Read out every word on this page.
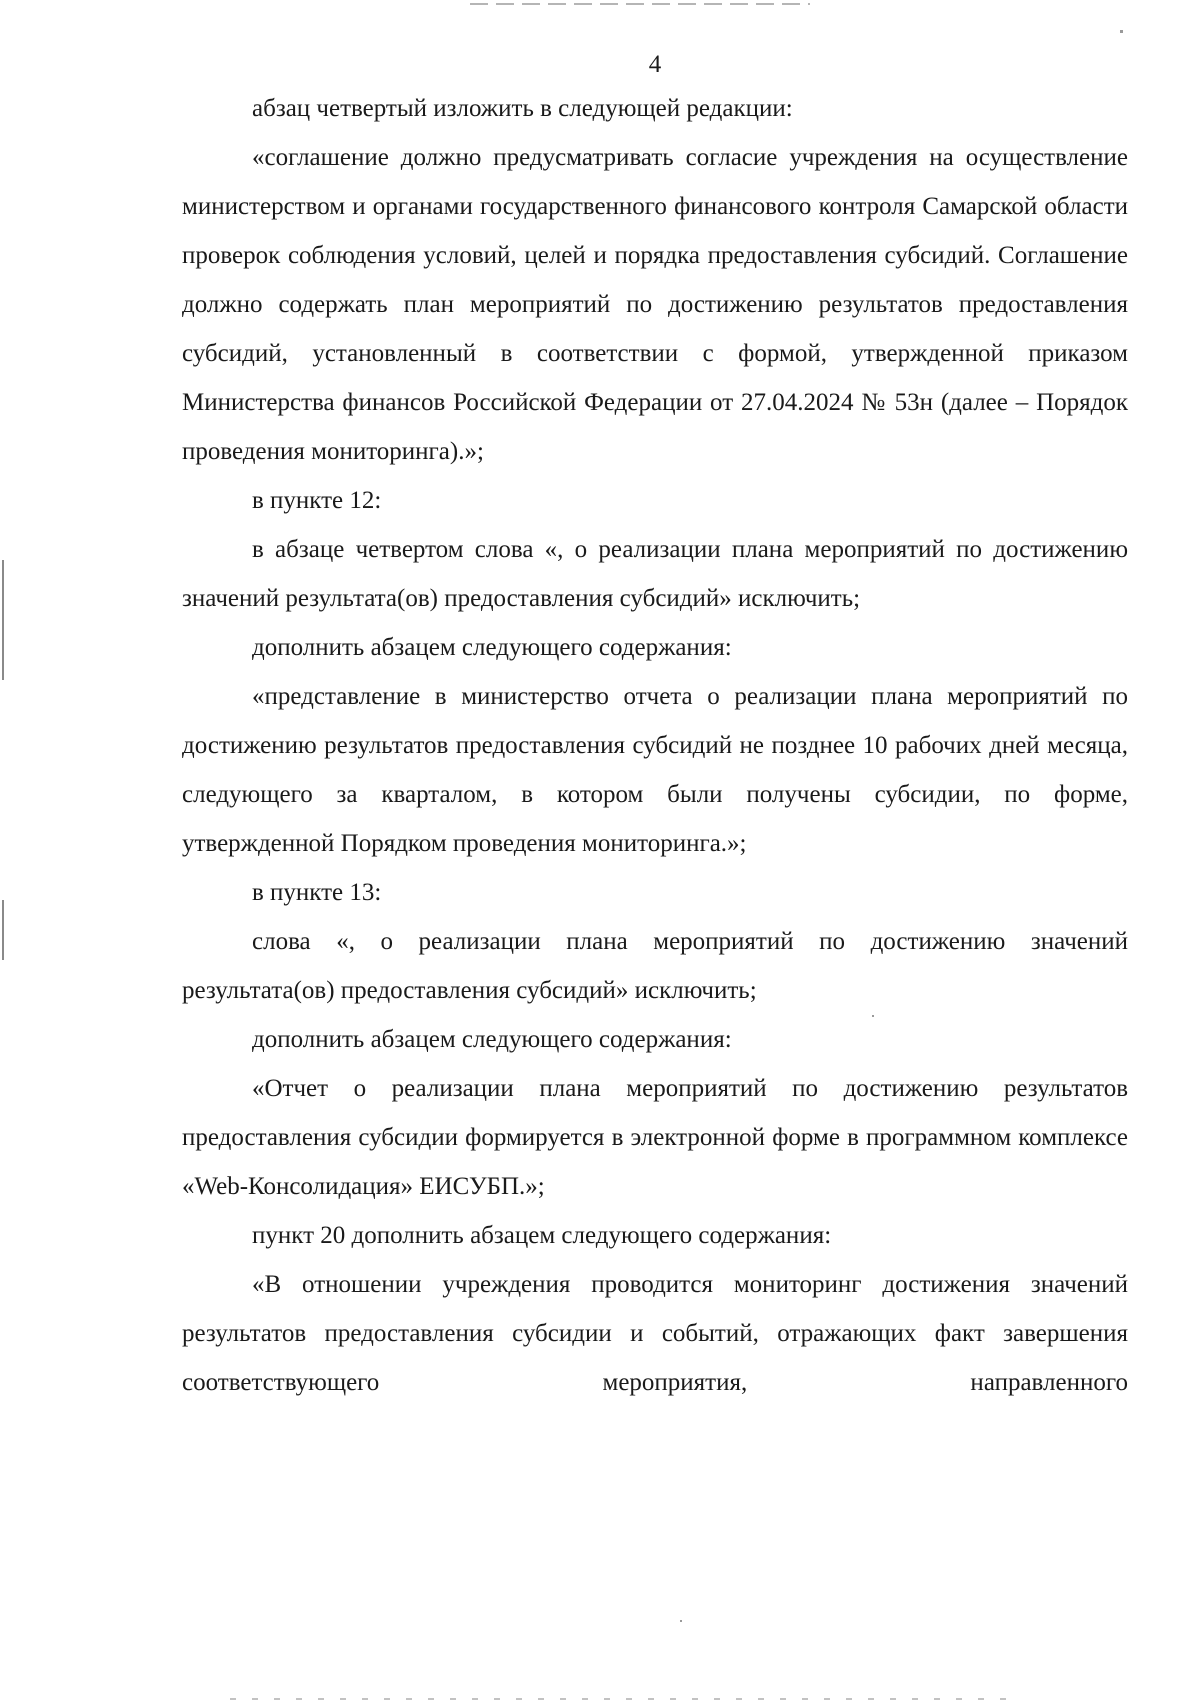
4

абзац четвертый изложить в следующей редакции:

«соглашение должно предусматривать согласие учреждения на осуществление министерством и органами государственного финансового контроля Самарской области проверок соблюдения условий, целей и порядка предоставления субсидий. Соглашение должно содержать план мероприятий по достижению результатов предоставления субсидий, установленный в соответствии с формой, утвержденной приказом Министерства финансов Российской Федерации от 27.04.2024 № 53н (далее – Порядок проведения мониторинга).»;

в пункте 12:

в абзаце четвертом слова «, о реализации плана мероприятий по достижению значений результата(ов) предоставления субсидий» исключить;

дополнить абзацем следующего содержания:

«представление в министерство отчета о реализации плана мероприятий по достижению результатов предоставления субсидий не позднее 10 рабочих дней месяца, следующего за кварталом, в котором были получены субсидии, по форме, утвержденной Порядком проведения мониторинга.»;

в пункте 13:

слова «, о реализации плана мероприятий по достижению значений результата(ов) предоставления субсидий» исключить;

дополнить абзацем следующего содержания:

«Отчет о реализации плана мероприятий по достижению результатов предоставления субсидии формируется в электронной форме в программном комплексе «Web-Консолидация» ЕИСУБП.»;

пункт 20 дополнить абзацем следующего содержания:

«В отношении учреждения проводится мониторинг достижения значений результатов предоставления субсидии и событий, отражающих факт завершения соответствующего мероприятия, направленного
